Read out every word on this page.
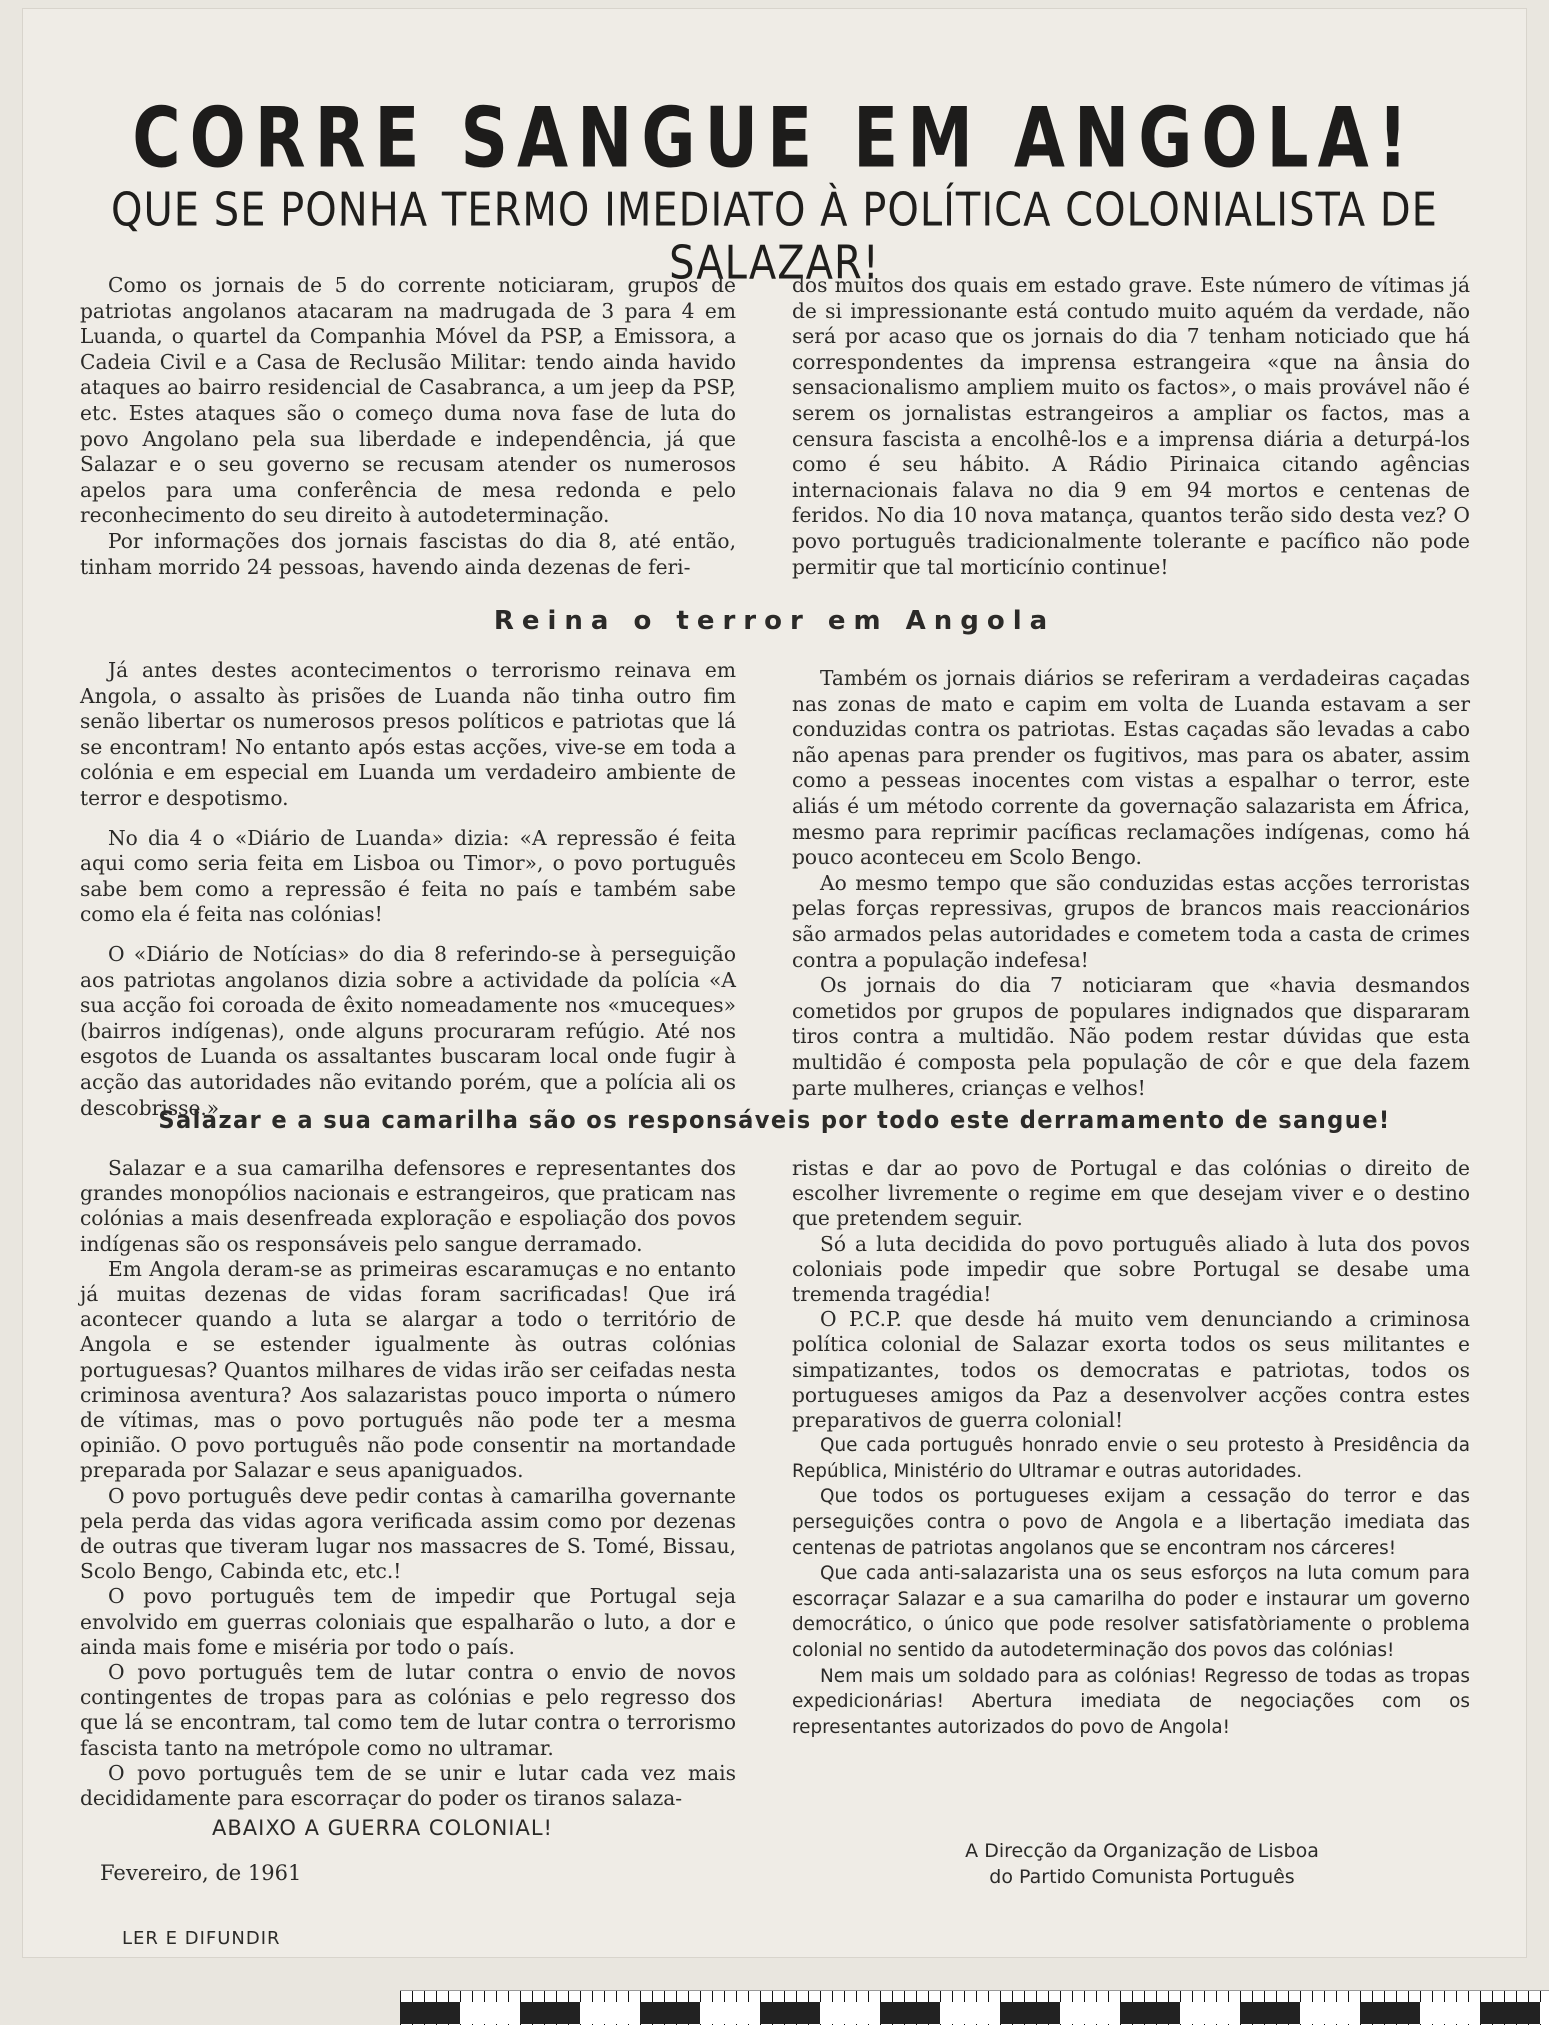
CORRE SANGUE EM ANGOLA!
QUE SE PONHA TERMO IMEDIATO À POLÍTICA COLONIALISTA DE SALAZAR!

Como os jornais de 5 do corrente noticiaram, grupos de patriotas angolanos atacaram na madrugada de 3 para 4 em Luanda, o quartel da Companhia Móvel da PSP, a Emissora, a Cadeia Civil e a Casa de Reclusão Militar: tendo ainda havido ataques ao bairro residencial de Casabranca, a um jeep da PSP, etc. Estes ataques são o começo duma nova fase de luta do povo Angolano pela sua liberdade e independência, já que Salazar e o seu governo se recusam atender os numerosos apelos para uma conferência de mesa redonda e pelo reconhecimento do seu direito à autodeterminação.

Por informações dos jornais fascistas do dia 8, até então, tinham morrido 24 pessoas, havendo ainda dezenas de feri-

dos muitos dos quais em estado grave. Este número de vítimas já de si impressionante está contudo muito aquém da verdade, não será por acaso que os jornais do dia 7 tenham noticiado que há correspondentes da imprensa estrangeira «que na ânsia do sensacionalismo ampliem muito os factos», o mais provável não é serem os jornalistas estrangeiros a ampliar os factos, mas a censura fascista a encolhê-los e a imprensa diária a deturpá-los como é seu hábito. A Rádio Pirinaica citando agências internacionais falava no dia 9 em 94 mortos e centenas de feridos. No dia 10 nova matança, quantos terão sido desta vez? O povo português tradicionalmente tolerante e pacífico não pode permitir que tal morticínio continue!

Reina o terror em Angola

Já antes destes acontecimentos o terrorismo reinava em Angola, o assalto às prisões de Luanda não tinha outro fim senão libertar os numerosos presos políticos e patriotas que lá se encontram! No entanto após estas acções, vive-se em toda a colónia e em especial em Luanda um verdadeiro ambiente de terror e despotismo.

No dia 4 o «Diário de Luanda» dizia: «A repressão é feita aqui como seria feita em Lisboa ou Timor», o povo português sabe bem como a repressão é feita no país e também sabe como ela é feita nas colónias!

O «Diário de Notícias» do dia 8 referindo-se à perseguição aos patriotas angolanos dizia sobre a actividade da polícia «A sua acção foi coroada de êxito nomeadamente nos «muceques» (bairros indígenas), onde alguns procuraram refúgio. Até nos esgotos de Luanda os assaltantes buscaram local onde fugir à acção das autoridades não evitando porém, que a polícia ali os descobrisse.»

Também os jornais diários se referiram a verdadeiras caçadas nas zonas de mato e capim em volta de Luanda estavam a ser conduzidas contra os patriotas. Estas caçadas são levadas a cabo não apenas para prender os fugitivos, mas para os abater, assim como a pesseas inocentes com vistas a espalhar o terror, este aliás é um método corrente da governação salazarista em África, mesmo para reprimir pacíficas reclamações indígenas, como há pouco aconteceu em Scolo Bengo.

Ao mesmo tempo que são conduzidas estas acções terroristas pelas forças repressivas, grupos de brancos mais reaccionários são armados pelas autoridades e cometem toda a casta de crimes contra a população indefesa!

Os jornais do dia 7 noticiaram que «havia desmandos cometidos por grupos de populares indignados que dispararam tiros contra a multidão. Não podem restar dúvidas que esta multidão é composta pela população de côr e que dela fazem parte mulheres, crianças e velhos!

Salazar e a sua camarilha são os responsáveis por todo este derramamento de sangue!

Salazar e a sua camarilha defensores e representantes dos grandes monopólios nacionais e estrangeiros, que praticam nas colónias a mais desenfreada exploração e espoliação dos povos indígenas são os responsáveis pelo sangue derramado.

Em Angola deram-se as primeiras escaramuças e no entanto já muitas dezenas de vidas foram sacrificadas! Que irá acontecer quando a luta se alargar a todo o território de Angola e se estender igualmente às outras colónias portuguesas? Quantos milhares de vidas irão ser ceifadas nesta criminosa aventura? Aos salazaristas pouco importa o número de vítimas, mas o povo português não pode ter a mesma opinião. O povo português não pode consentir na mortandade preparada por Salazar e seus apaniguados.

O povo português deve pedir contas à camarilha governante pela perda das vidas agora verificada assim como por dezenas de outras que tiveram lugar nos massacres de S. Tomé, Bissau, Scolo Bengo, Cabinda etc, etc.!

O povo português tem de impedir que Portugal seja envolvido em guerras coloniais que espalharão o luto, a dor e ainda mais fome e miséria por todo o país.

O povo português tem de lutar contra o envio de novos contingentes de tropas para as colónias e pelo regresso dos que lá se encontram, tal como tem de lutar contra o terrorismo fascista tanto na metrópole como no ultramar.

O povo português tem de se unir e lutar cada vez mais decididamente para escorraçar do poder os tiranos salaza-

ristas e dar ao povo de Portugal e das colónias o direito de escolher livremente o regime em que desejam viver e o destino que pretendem seguir.

Só a luta decidida do povo português aliado à luta dos povos coloniais pode impedir que sobre Portugal se desabe uma tremenda tragédia!

O P.C.P. que desde há muito vem denunciando a criminosa política colonial de Salazar exorta todos os seus militantes e simpatizantes, todos os democratas e patriotas, todos os portugueses amigos da Paz a desenvolver acções contra estes preparativos de guerra colonial!

Que cada português honrado envie o seu protesto à Presidência da República, Ministério do Ultramar e outras autoridades.

Que todos os portugueses exijam a cessação do terror e das perseguições contra o povo de Angola e a libertação imediata das centenas de patriotas angolanos que se encontram nos cárceres!

Que cada anti-salazarista una os seus esforços na luta comum para escorraçar Salazar e a sua camarilha do poder e instaurar um governo democrático, o único que pode resolver satisfatòriamente o problema colonial no sentido da autodeterminação dos povos das colónias!

Nem mais um soldado para as colónias! Regresso de todas as tropas expedicionárias! Abertura imediata de negociações com os representantes autorizados do povo de Angola!

ABAIXO A GUERRA COLONIAL!
Fevereiro, de 1961
LER E DIFUNDIR
A Direcção da Organização de Lisboa
do Partido Comunista Português
